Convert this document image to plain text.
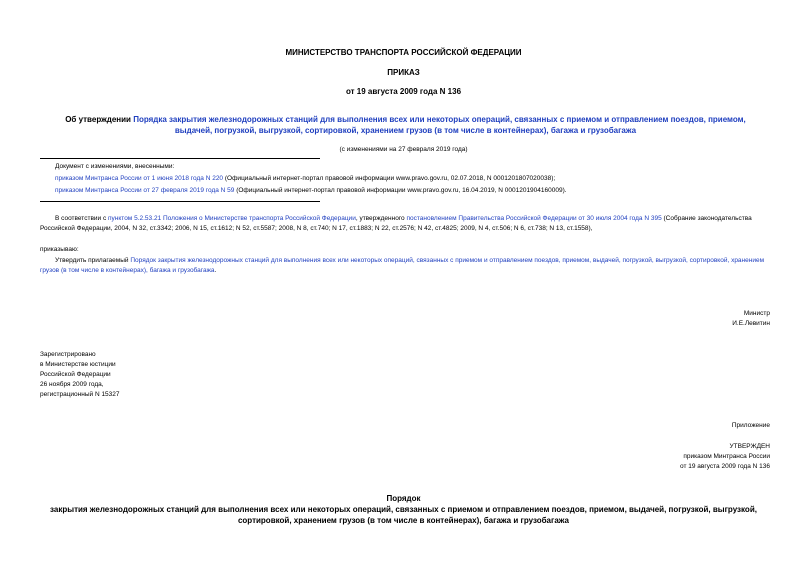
МИНИСТЕРСТВО ТРАНСПОРТА РОССИЙСКОЙ ФЕДЕРАЦИИ
ПРИКАЗ
от 19 августа 2009 года N 136
Об утверждении Порядка закрытия железнодорожных станций для выполнения всех или некоторых операций, связанных с приемом и отправлением поездов, приемом, выдачей, погрузкой, выгрузкой, сортировкой, хранением грузов (в том числе в контейнерах), багажа и грузобагажа
(с изменениями на 27 февраля 2019 года)
Документ с изменениями, внесенными:
приказом Минтранса России от 1 июня 2018 года N 220 (Официальный интернет-портал правовой информации www.pravo.gov.ru, 02.07.2018, N 0001201807020038);
приказом Минтранса России от 27 февраля 2019 года N 59 (Официальный интернет-портал правовой информации www.pravo.gov.ru, 16.04.2019, N 0001201904160009).
В соответствии с пунктом 5.2.53.21 Положения о Министерстве транспорта Российской Федерации, утвержденного постановлением Правительства Российской Федерации от 30 июля 2004 года N 395 (Собрание законодательства Российской Федерации, 2004, N 32, ст.3342; 2006, N 15, ст.1612; N 52, ст.5587; 2008, N 8, ст.740; N 17, ст.1883; N 22, ст.2576; N 42, ст.4825; 2009, N 4, ст.506; N 6, ст.738; N 13, ст.1558),
приказываю:
Утвердить прилагаемый Порядок закрытия железнодорожных станций для выполнения всех или некоторых операций, связанных с приемом и отправлением поездов, приемом, выдачей, погрузкой, выгрузкой, сортировкой, хранением грузов (в том числе в контейнерах), багажа и грузобагажа.
Министр
И.Е.Левитин
Зарегистрировано
в Министерстве юстиции
Российской Федерации
26 ноября 2009 года,
регистрационный N 15327
Приложение
УТВЕРЖДЕН
приказом Минтранса России
от 19 августа 2009 года N 136
Порядок
закрытия железнодорожных станций для выполнения всех или некоторых операций, связанных с приемом и отправлением поездов, приемом, выдачей, погрузкой, выгрузкой, сортировкой, хранением грузов (в том числе в контейнерах), багажа и грузобагажа
